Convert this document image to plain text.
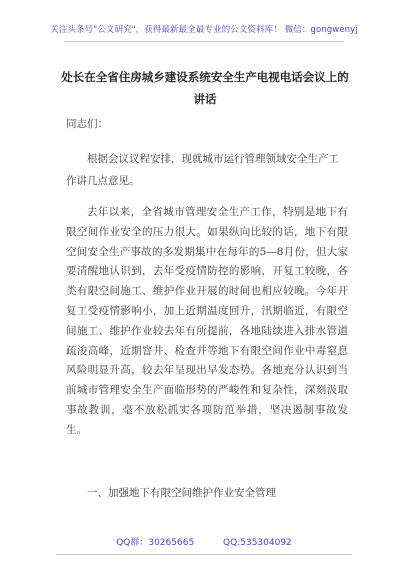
关注头条号"公文研究"，获得最新最全最专业的公文资料库！ 微信：gongwenyj
处长在全省住房城乡建设系统安全生产电视电话会议上的讲话
同志们：
根据会议议程安排，现就城市运行管理领域安全生产工作讲几点意见。
去年以来，全省城市管理安全生产工作，特别是地下有限空间作业安全的压力很大。如果纵向比较的话，地下有限空间安全生产事故的多发期集中在每年的5—8月份，但大家要清醒地认识到，去年受疫情防控的影响，开复工较晚，各类有限空间施工、维护作业开展的时间也相应较晚。今年开复工受疫情影响小，加上近期温度回升，汛期临近，有限空间施工、维护作业较去年有所提前，各地陆续进入排水管道疏浚高峰，近期窨井、检查井等地下有限空间作业中毒窒息风险明显升高，较去年呈现出早发态势。各地充分认识到当前城市管理安全生产面临形势的严峻性和复杂性，深刻汲取事故教训，毫不放松抓实各项防范举措，坚决遏制事故发生。
一、加强地下有限空间维护作业安全管理
QQ群：30265665	QQ:535304092
